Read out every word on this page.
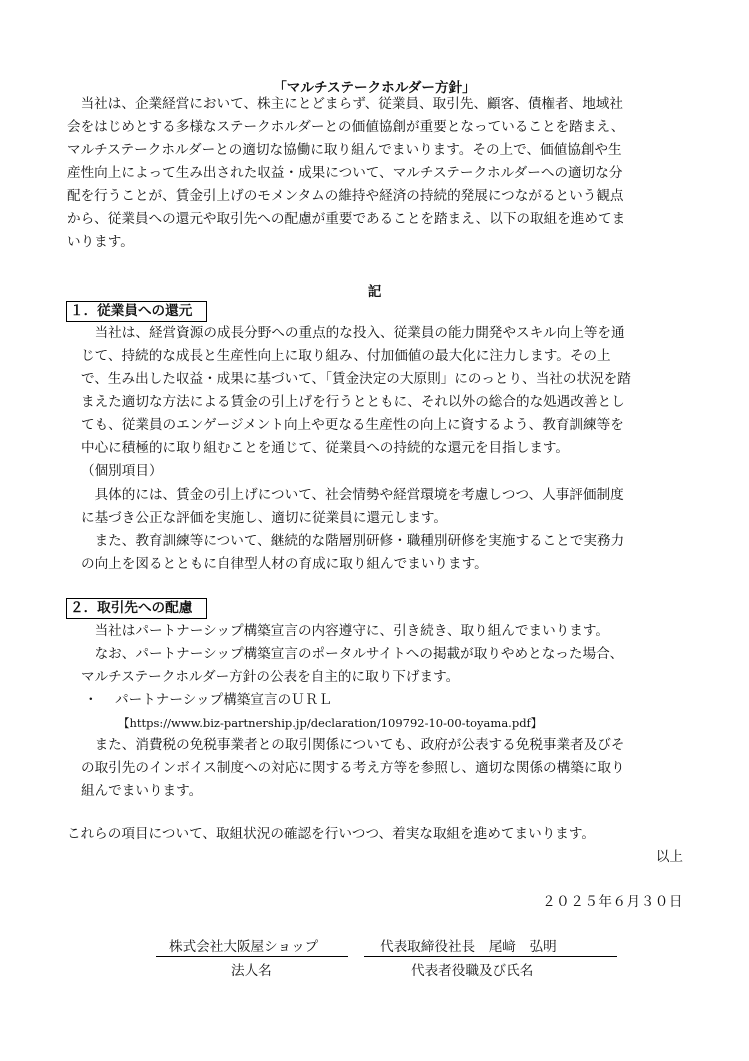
「マルチステークホルダー方針」
　当社は、企業経営において、株主にとどまらず、従業員、取引先、顧客、債権者、地域社
会をはじめとする多様なステークホルダーとの価値協創が重要となっていることを踏まえ、
マルチステークホルダーとの適切な協働に取り組んでまいります。その上で、価値協創や生
産性向上によって生み出された収益・成果について、マルチステークホルダーへの適切な分
配を行うことが、賃金引上げのモメンタムの維持や経済の持続的発展につながるという観点
から、従業員への還元や取引先への配慮が重要であることを踏まえ、以下の取組を進めてま
いります。
記
１．従業員への還元
　当社は、経営資源の成長分野への重点的な投入、従業員の能力開発やスキル向上等を通
じて、持続的な成長と生産性向上に取り組み、付加価値の最大化に注力します。その上
で、生み出した収益・成果に基づいて、「賃金決定の大原則」にのっとり、当社の状況を踏
まえた適切な方法による賃金の引上げを行うとともに、それ以外の総合的な処遇改善とし
ても、従業員のエンゲージメント向上や更なる生産性の向上に資するよう、教育訓練等を
中心に積極的に取り組むことを通じて、従業員への持続的な還元を目指します。
（個別項目）
　具体的には、賃金の引上げについて、社会情勢や経営環境を考慮しつつ、人事評価制度
に基づき公正な評価を実施し、適切に従業員に還元します。
　また、教育訓練等について、継続的な階層別研修・職種別研修を実施することで実務力
の向上を図るとともに自律型人材の育成に取り組んでまいります。
２．取引先への配慮
　当社はパートナーシップ構築宣言の内容遵守に、引き続き、取り組んでまいります。
　なお、パートナーシップ構築宣言のポータルサイトへの掲載が取りやめとなった場合、
マルチステークホルダー方針の公表を自主的に取り下げます。
・ パートナーシップ構築宣言のＵＲＬ
【https://www.biz-partnership.jp/declaration/109792-10-00-toyama.pdf】
　また、消費税の免税事業者との取引関係についても、政府が公表する免税事業者及びそ
の取引先のインボイス制度への対応に関する考え方等を参照し、適切な関係の構築に取り
組んでまいります。
これらの項目について、取組状況の確認を行いつつ、着実な取組を進めてまいります。
以上
２０２５年６月３０日
株式会社大阪屋ショップ	代表取締役社長　尾﨑　弘明
法人名	代表者役職及び氏名
